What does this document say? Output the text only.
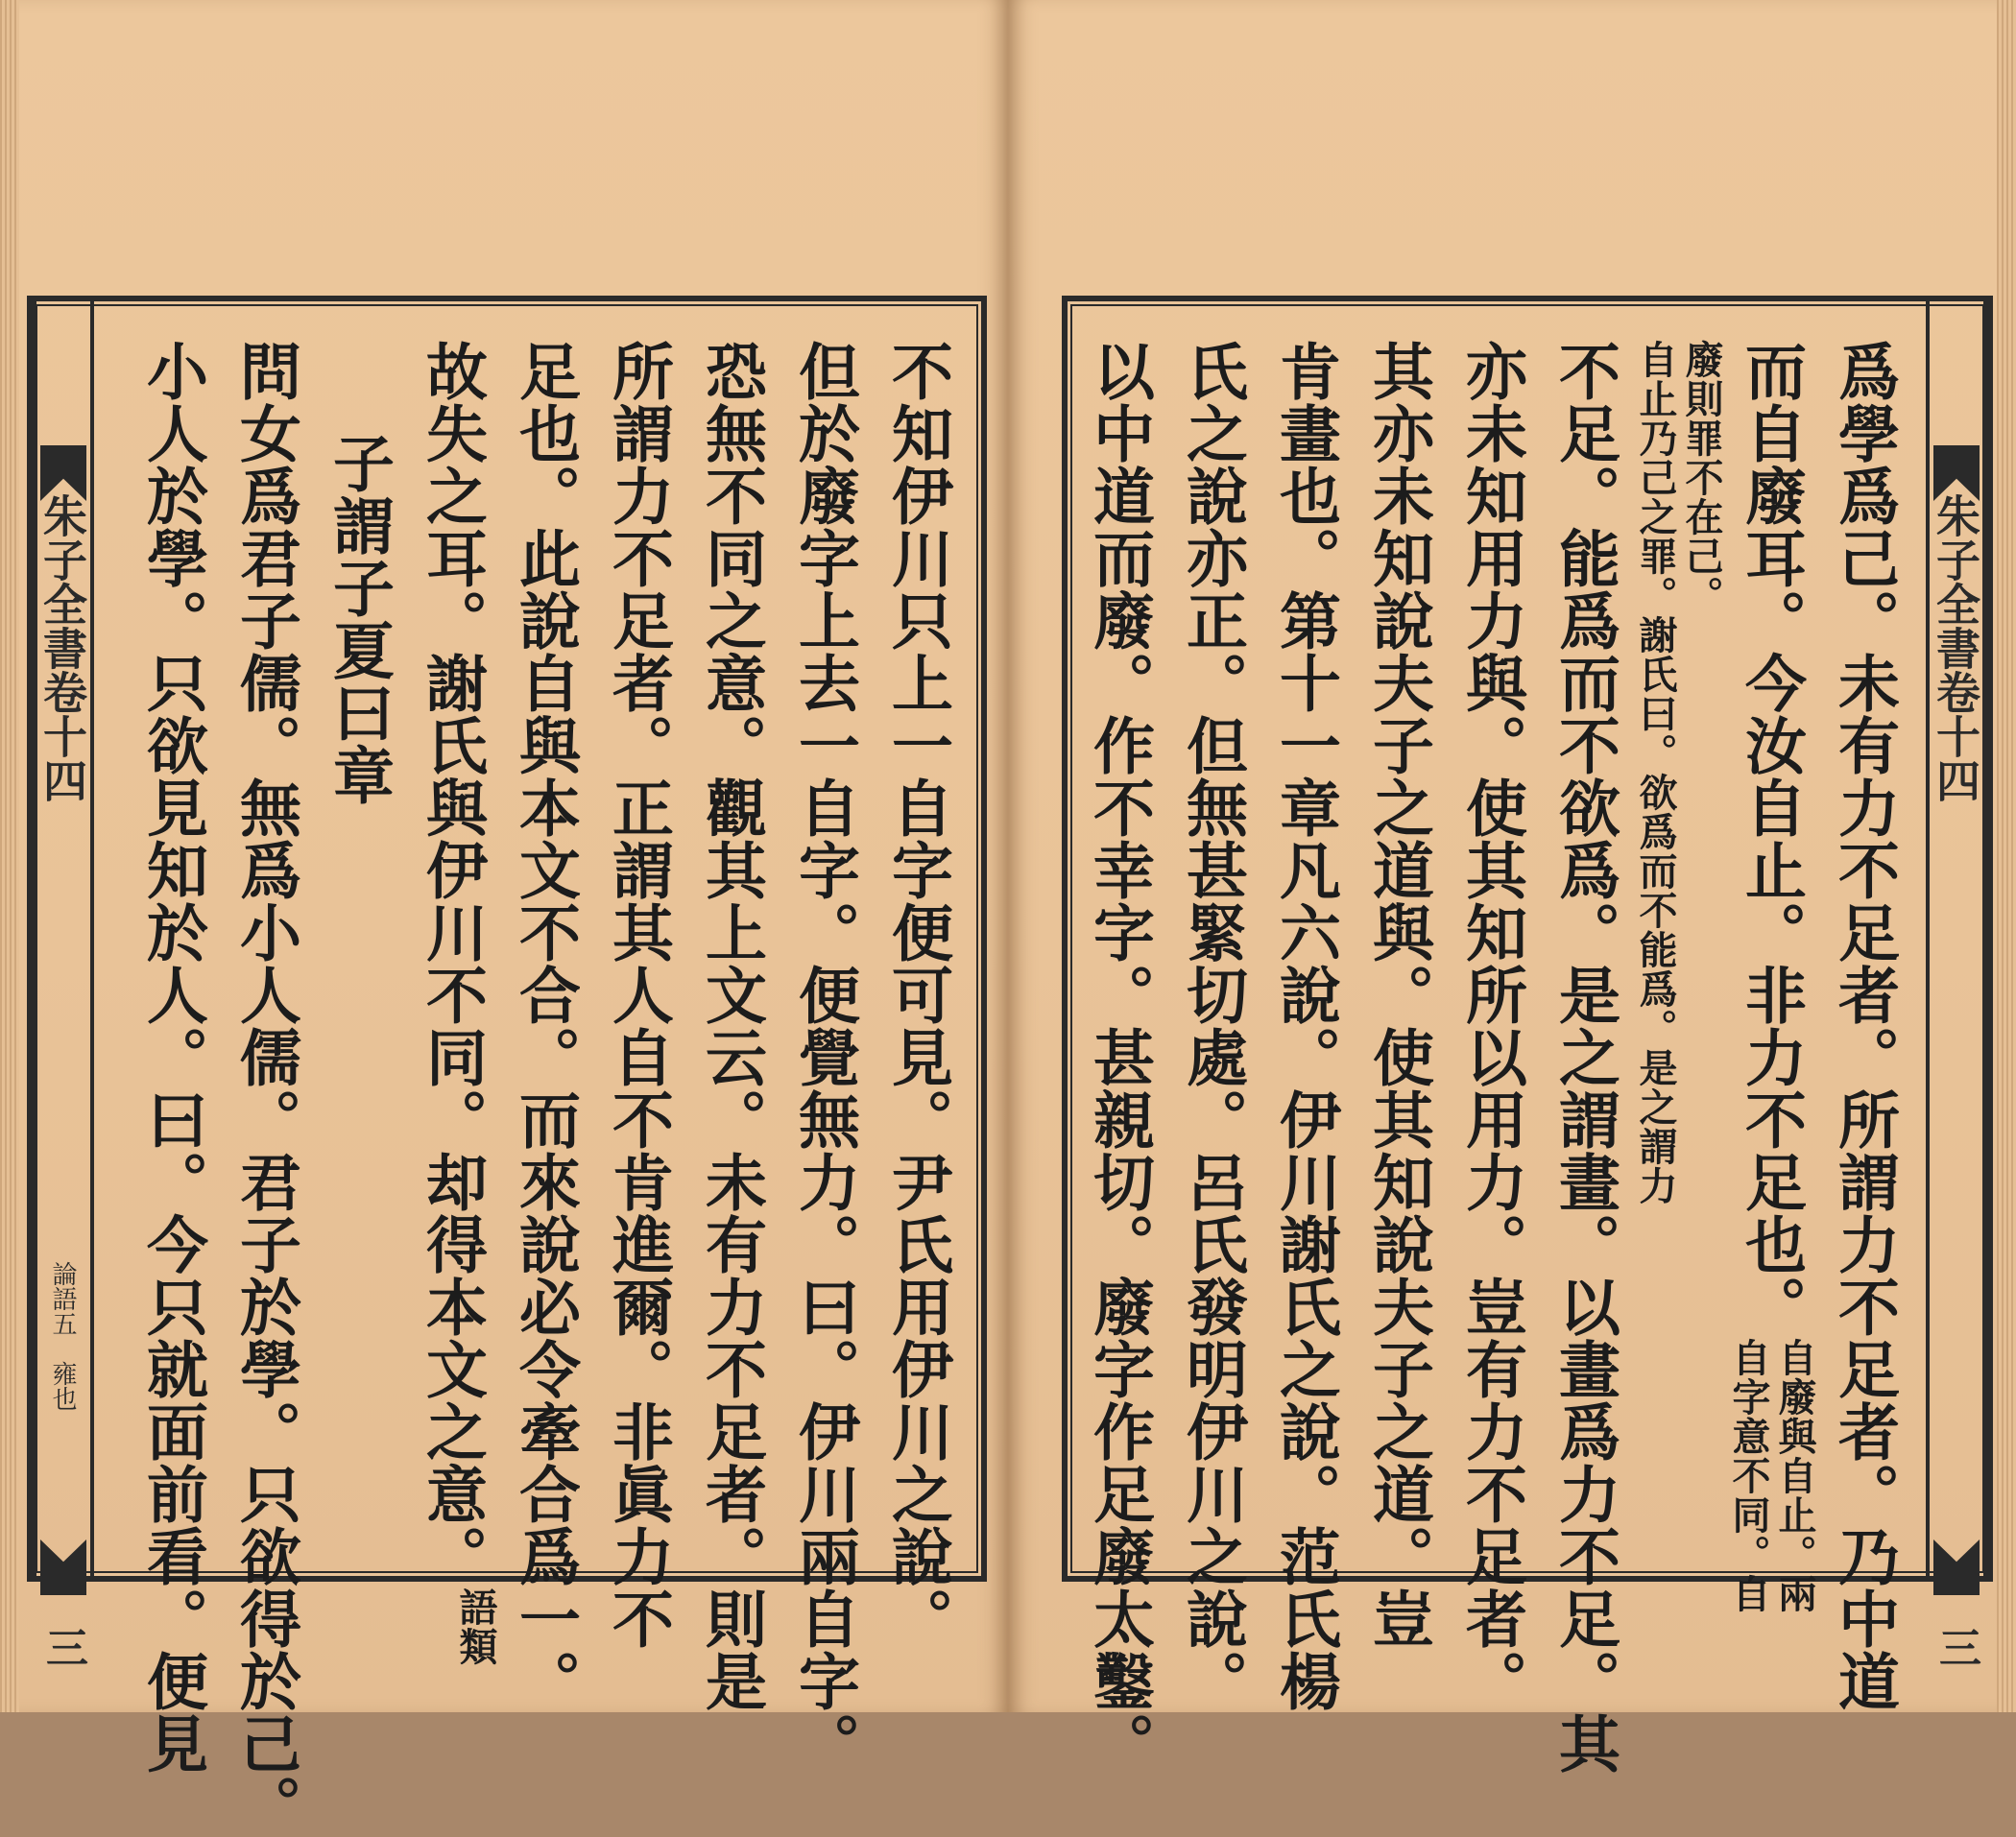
朱子全書卷十四
論語五　雍也
三	不知伊川只上一自字便可見。尹氏用伊川之說。
但於廢字上去一自字。便覺無力。曰。伊川兩自字。
恐無不同之意。觀其上文云。未有力不足者。則是
所謂力不足者。正謂其人自不肯進爾。非眞力不
足也。此說自與本文不合。而來說必令牽合爲一。
故失之耳。謝氏與伊川不同。却得本文之意。語類
子謂子夏曰章
問女爲君子儒。無爲小人儒。君子於學。只欲得於己。
小人於學。只欲見知於人。曰。今只就面前看。便見	朱子全書卷十四
三
爲學爲己。未有力不足者。所謂力不足者。乃中道
而自廢耳。今汝自止。非力不足也。
自廢與自止。兩
自字意不同。自
廢則罪不在己。
自止乃己之罪。謝氏曰。欲爲而不能爲。是之謂力
不足。能爲而不欲爲。是之謂畫。以畫爲力不足。其
亦未知用力與。使其知所以用力。豈有力不足者。
其亦未知說夫子之道與。使其知說夫子之道。豈
肯畫也。第十一章凡六說。伊川謝氏之說。范氏楊
氏之說亦正。但無甚緊切處。呂氏發明伊川之說。
以中道而廢。作不幸字。甚親切。廢字作足廢太鑿。
